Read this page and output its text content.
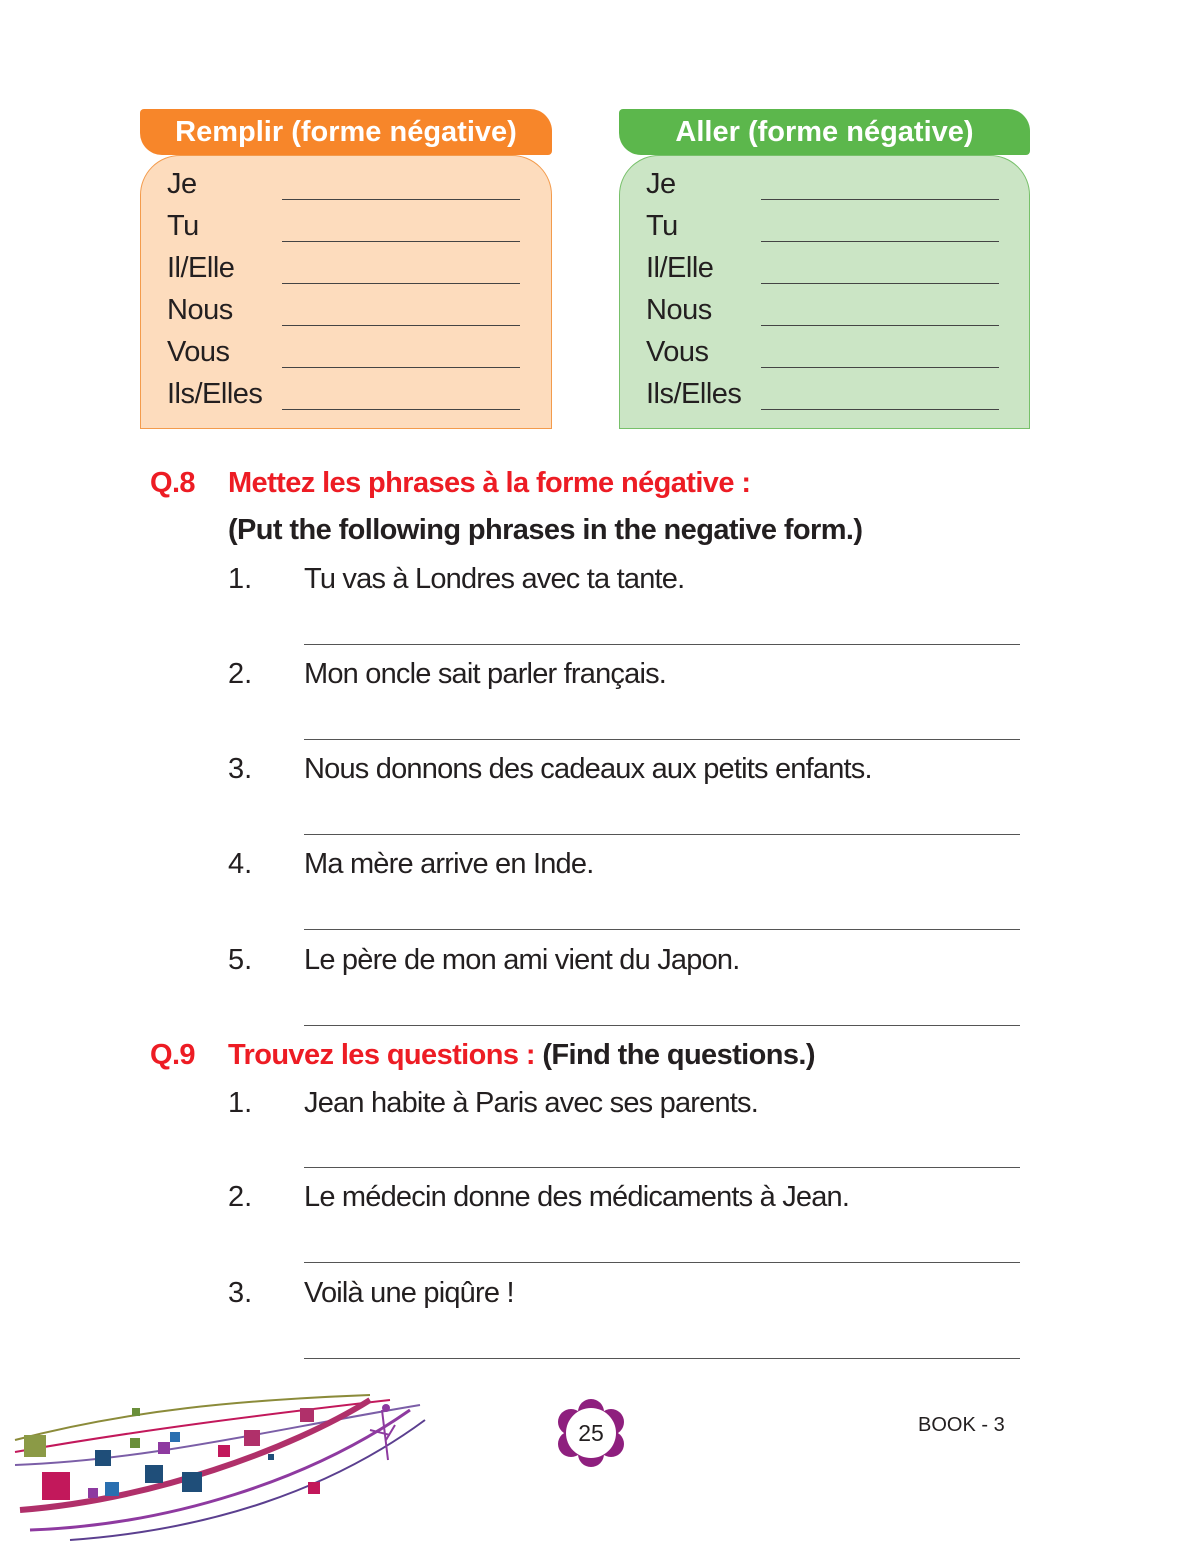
Remplir (forme négative)
Je
Tu
Il/Elle
Nous
Vous
Ils/Elles
Aller (forme négative)
Je
Tu
Il/Elle
Nous
Vous
Ils/Elles
Q.8 Mettez les phrases à la forme négative :
(Put the following phrases in the negative form.)
1. Tu vas à Londres avec ta tante.
2. Mon oncle sait parler français.
3. Nous donnons des cadeaux aux petits enfants.
4. Ma mère arrive en Inde.
5. Le père de mon ami vient du Japon.
Q.9 Trouvez les questions : (Find the questions.)
1. Jean habite à Paris avec ses parents.
2. Le médecin donne des médicaments à Jean.
3. Voilà une piqûre !
25	BOOK - 3
